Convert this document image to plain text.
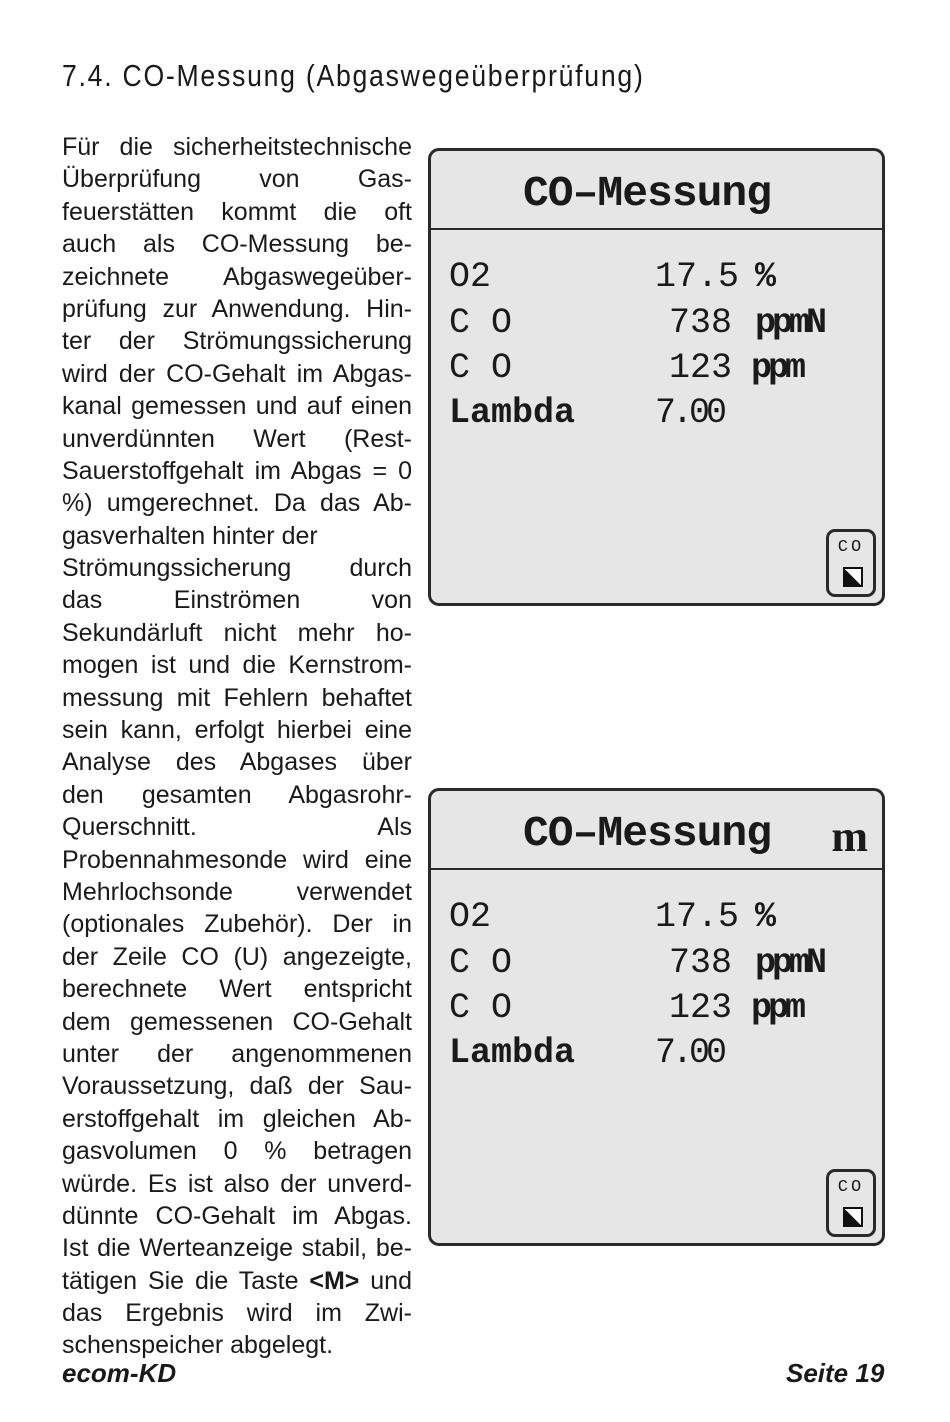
7.4. CO-Messung (Abgaswegeüberprüfung)
Für die sicherheitstechnische
Überprüfung von Gas-
feuerstätten kommt die oft
auch als CO-Messung be-
zeichnete Abgaswegeüber-
prüfung zur Anwendung. Hin-
ter der Strömungssicherung
wird der CO-Gehalt im Abgas-
kanal gemessen und auf einen
unverdünnten Wert (Rest-
Sauerstoffgehalt im Abgas = 0
%) umgerechnet. Da das Ab-
gasverhalten hinter der
Strömungssicherung durch
das Einströmen von
Sekundärluft nicht mehr ho-
mogen ist und die Kernstrom-
messung mit Fehlern behaftet
sein kann, erfolgt hierbei eine
Analyse des Abgases über
den gesamten Abgasrohr-
Querschnitt. Als
Probennahmesonde wird eine
Mehrlochsonde verwendet
(optionales Zubehör). Der in
der Zeile CO (U) angezeigte,
berechnete Wert entspricht
dem gemessenen CO-Gehalt
unter der angenommenen
Voraussetzung, daß der Sau-
erstoffgehalt im gleichen Ab-
gasvolumen 0 % betragen
würde. Es ist also der unverd-
dünnte CO-Gehalt im Abgas.
Ist die Werteanzeige stabil, be-
tätigen Sie die Taste <M> und
das Ergebnis wird im Zwi-
schenspeicher abgelegt.
CO–Messung
O2	17.5 %
C O	738 ppmN
C O	123 ppm
Lambda 7.00
CO
CO–Messung m
O2	17.5 %
C O	738 ppmN
C O	123 ppm
Lambda 7.00
CO
ecom-KD	Seite 19
